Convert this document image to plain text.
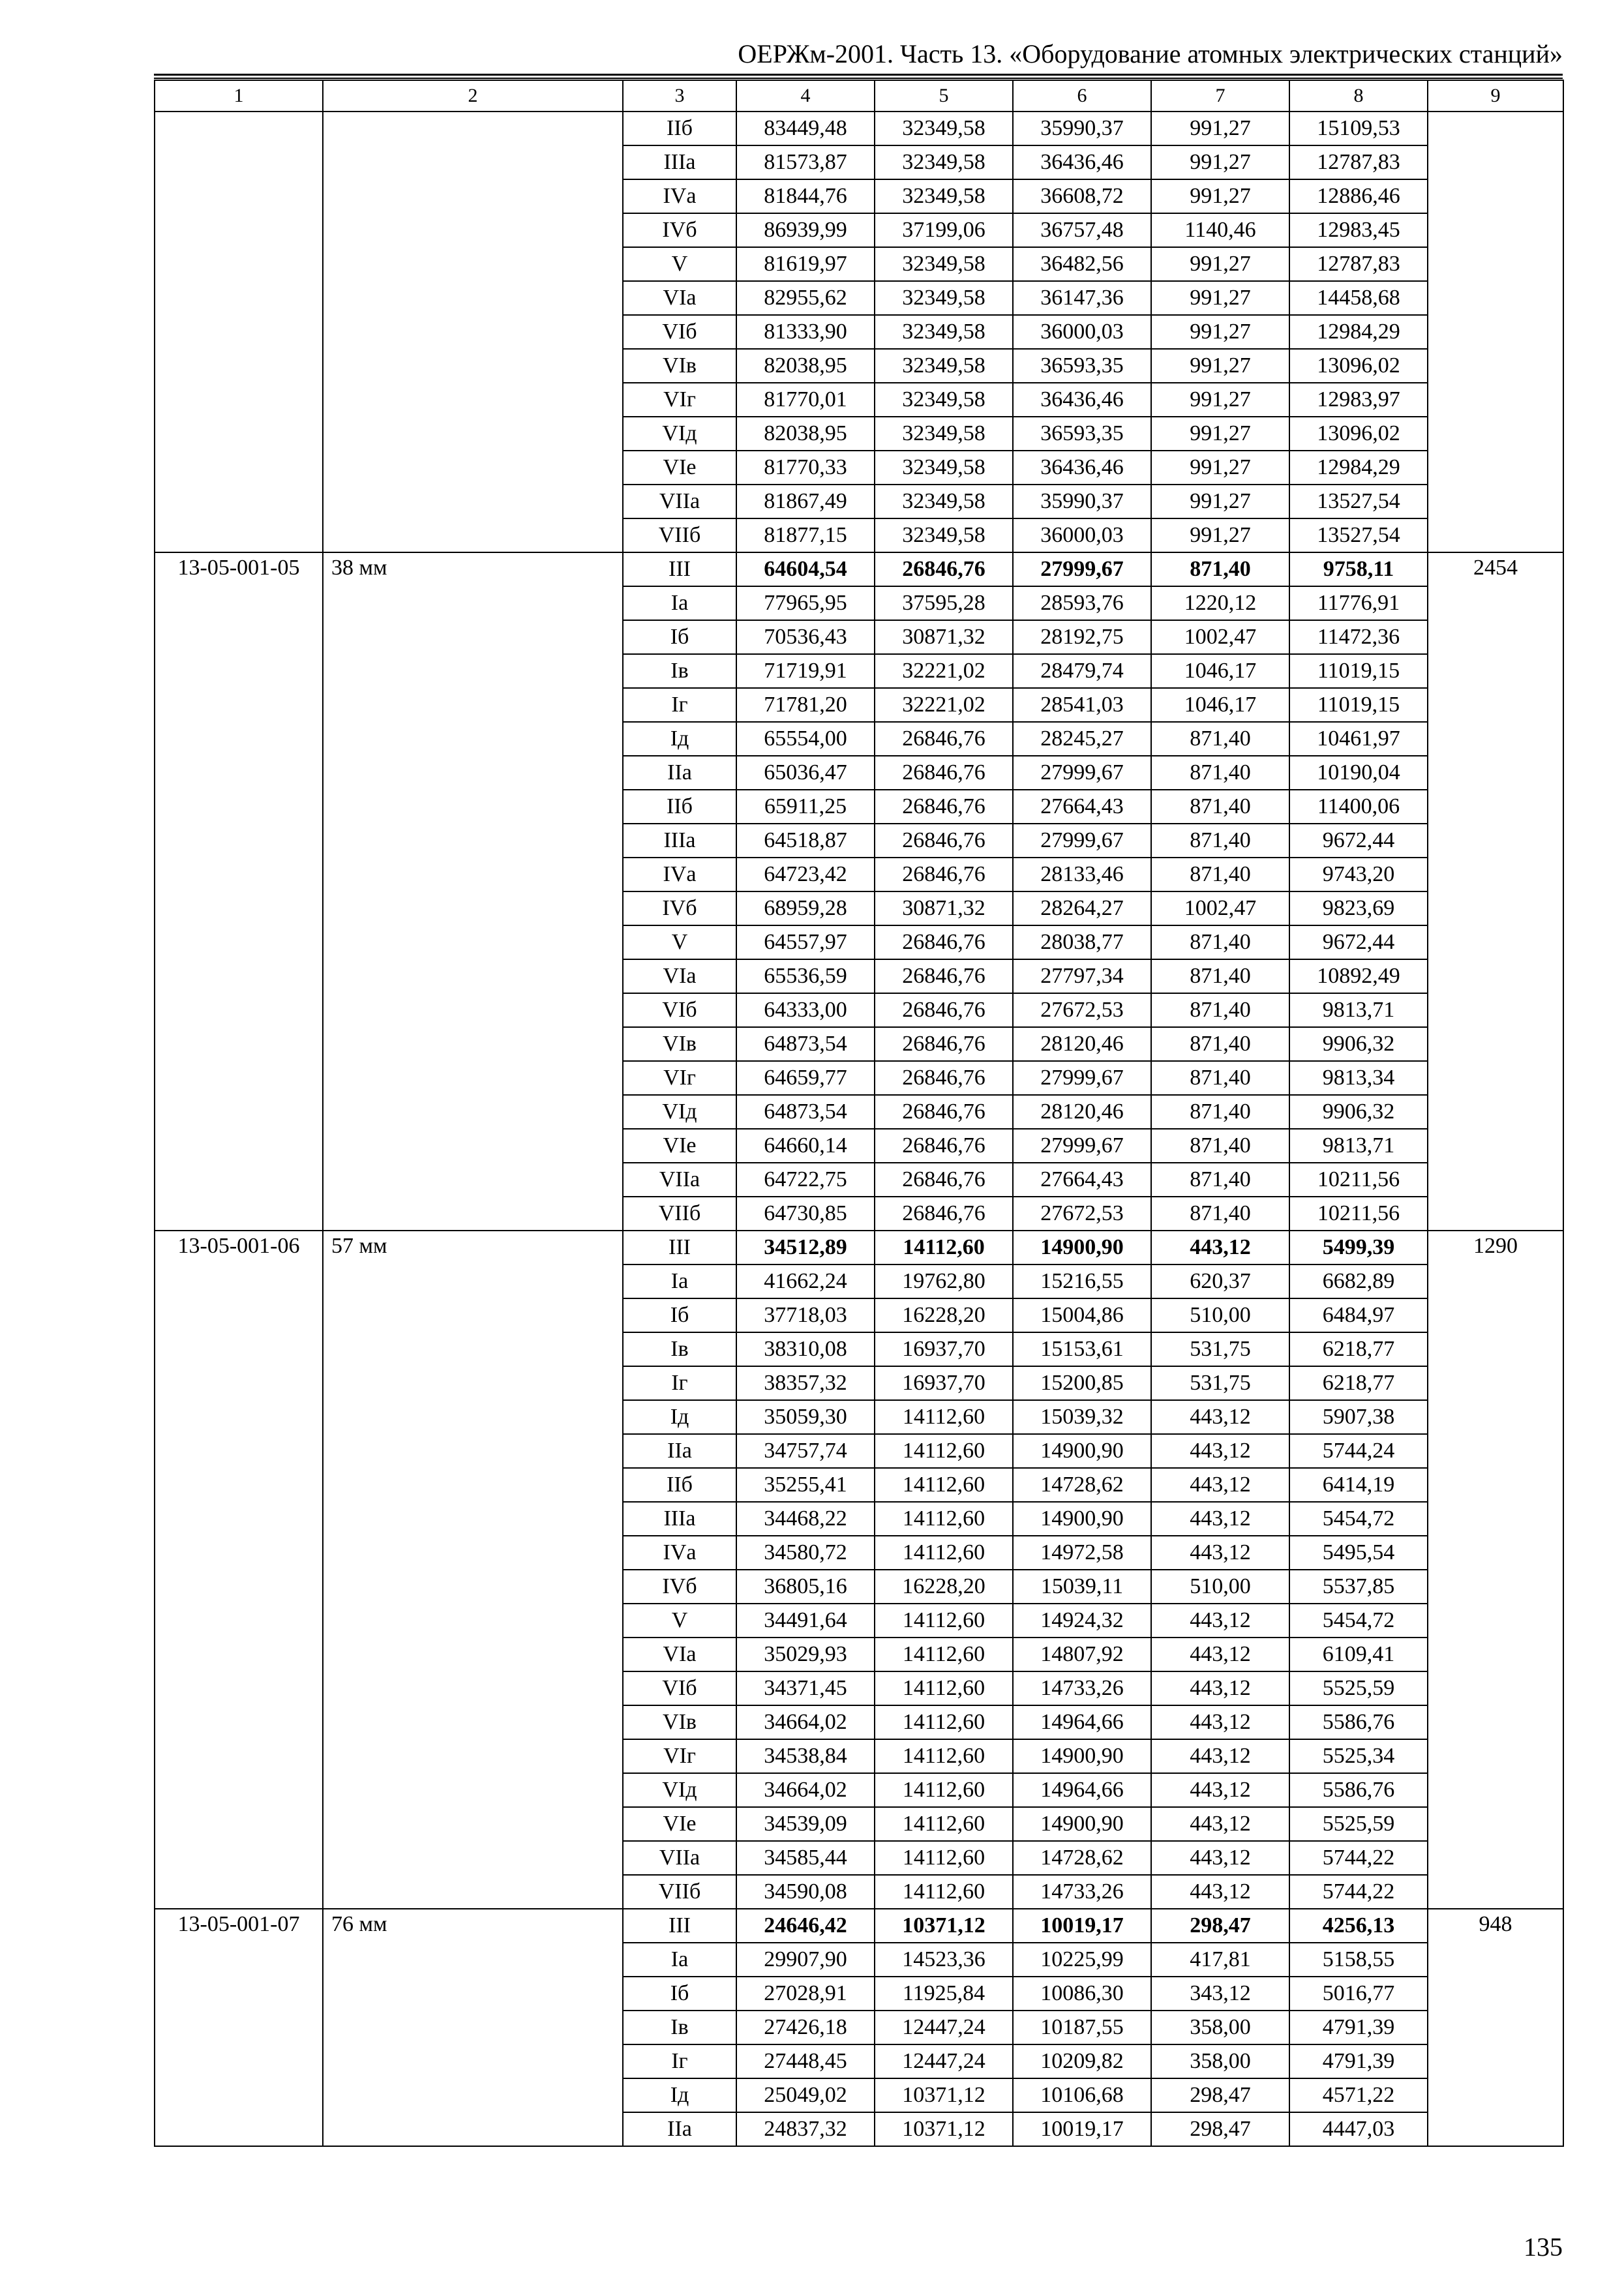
ОЕРЖм-2001. Часть 13. «Оборудование атомных электрических станций»
1	2	3	4	5	6	7	8	9
		IIб	83449,48	32349,58	35990,37	991,27	15109,53	
		IIIа	81573,87	32349,58	36436,46	991,27	12787,83	
		IVа	81844,76	32349,58	36608,72	991,27	12886,46	
		IVб	86939,99	37199,06	36757,48	1140,46	12983,45	
		V	81619,97	32349,58	36482,56	991,27	12787,83	
		VIа	82955,62	32349,58	36147,36	991,27	14458,68	
		VIб	81333,90	32349,58	36000,03	991,27	12984,29	
		VIв	82038,95	32349,58	36593,35	991,27	13096,02	
		VIг	81770,01	32349,58	36436,46	991,27	12983,97	
		VIд	82038,95	32349,58	36593,35	991,27	13096,02	
		VIе	81770,33	32349,58	36436,46	991,27	12984,29	
		VIIа	81867,49	32349,58	35990,37	991,27	13527,54	
		VIIб	81877,15	32349,58	36000,03	991,27	13527,54	
13-05-001-05	38 мм	III	64604,54	26846,76	27999,67	871,40	9758,11	2454
		Iа	77965,95	37595,28	28593,76	1220,12	11776,91	
		Iб	70536,43	30871,32	28192,75	1002,47	11472,36	
		Iв	71719,91	32221,02	28479,74	1046,17	11019,15	
		Iг	71781,20	32221,02	28541,03	1046,17	11019,15	
		Iд	65554,00	26846,76	28245,27	871,40	10461,97	
		IIа	65036,47	26846,76	27999,67	871,40	10190,04	
		IIб	65911,25	26846,76	27664,43	871,40	11400,06	
		IIIа	64518,87	26846,76	27999,67	871,40	9672,44	
		IVа	64723,42	26846,76	28133,46	871,40	9743,20	
		IVб	68959,28	30871,32	28264,27	1002,47	9823,69	
		V	64557,97	26846,76	28038,77	871,40	9672,44	
		VIа	65536,59	26846,76	27797,34	871,40	10892,49	
		VIб	64333,00	26846,76	27672,53	871,40	9813,71	
		VIв	64873,54	26846,76	28120,46	871,40	9906,32	
		VIг	64659,77	26846,76	27999,67	871,40	9813,34	
		VIд	64873,54	26846,76	28120,46	871,40	9906,32	
		VIе	64660,14	26846,76	27999,67	871,40	9813,71	
		VIIа	64722,75	26846,76	27664,43	871,40	10211,56	
		VIIб	64730,85	26846,76	27672,53	871,40	10211,56	
13-05-001-06	57 мм	III	34512,89	14112,60	14900,90	443,12	5499,39	1290
		Iа	41662,24	19762,80	15216,55	620,37	6682,89	
		Iб	37718,03	16228,20	15004,86	510,00	6484,97	
		Iв	38310,08	16937,70	15153,61	531,75	6218,77	
		Iг	38357,32	16937,70	15200,85	531,75	6218,77	
		Iд	35059,30	14112,60	15039,32	443,12	5907,38	
		IIа	34757,74	14112,60	14900,90	443,12	5744,24	
		IIб	35255,41	14112,60	14728,62	443,12	6414,19	
		IIIа	34468,22	14112,60	14900,90	443,12	5454,72	
		IVа	34580,72	14112,60	14972,58	443,12	5495,54	
		IVб	36805,16	16228,20	15039,11	510,00	5537,85	
		V	34491,64	14112,60	14924,32	443,12	5454,72	
		VIа	35029,93	14112,60	14807,92	443,12	6109,41	
		VIб	34371,45	14112,60	14733,26	443,12	5525,59	
		VIв	34664,02	14112,60	14964,66	443,12	5586,76	
		VIг	34538,84	14112,60	14900,90	443,12	5525,34	
		VIд	34664,02	14112,60	14964,66	443,12	5586,76	
		VIе	34539,09	14112,60	14900,90	443,12	5525,59	
		VIIа	34585,44	14112,60	14728,62	443,12	5744,22	
		VIIб	34590,08	14112,60	14733,26	443,12	5744,22	
13-05-001-07	76 мм	III	24646,42	10371,12	10019,17	298,47	4256,13	948
		Iа	29907,90	14523,36	10225,99	417,81	5158,55	
		Iб	27028,91	11925,84	10086,30	343,12	5016,77	
		Iв	27426,18	12447,24	10187,55	358,00	4791,39	
		Iг	27448,45	12447,24	10209,82	358,00	4791,39	
		Iд	25049,02	10371,12	10106,68	298,47	4571,22	
		IIа	24837,32	10371,12	10019,17	298,47	4447,03	
135
